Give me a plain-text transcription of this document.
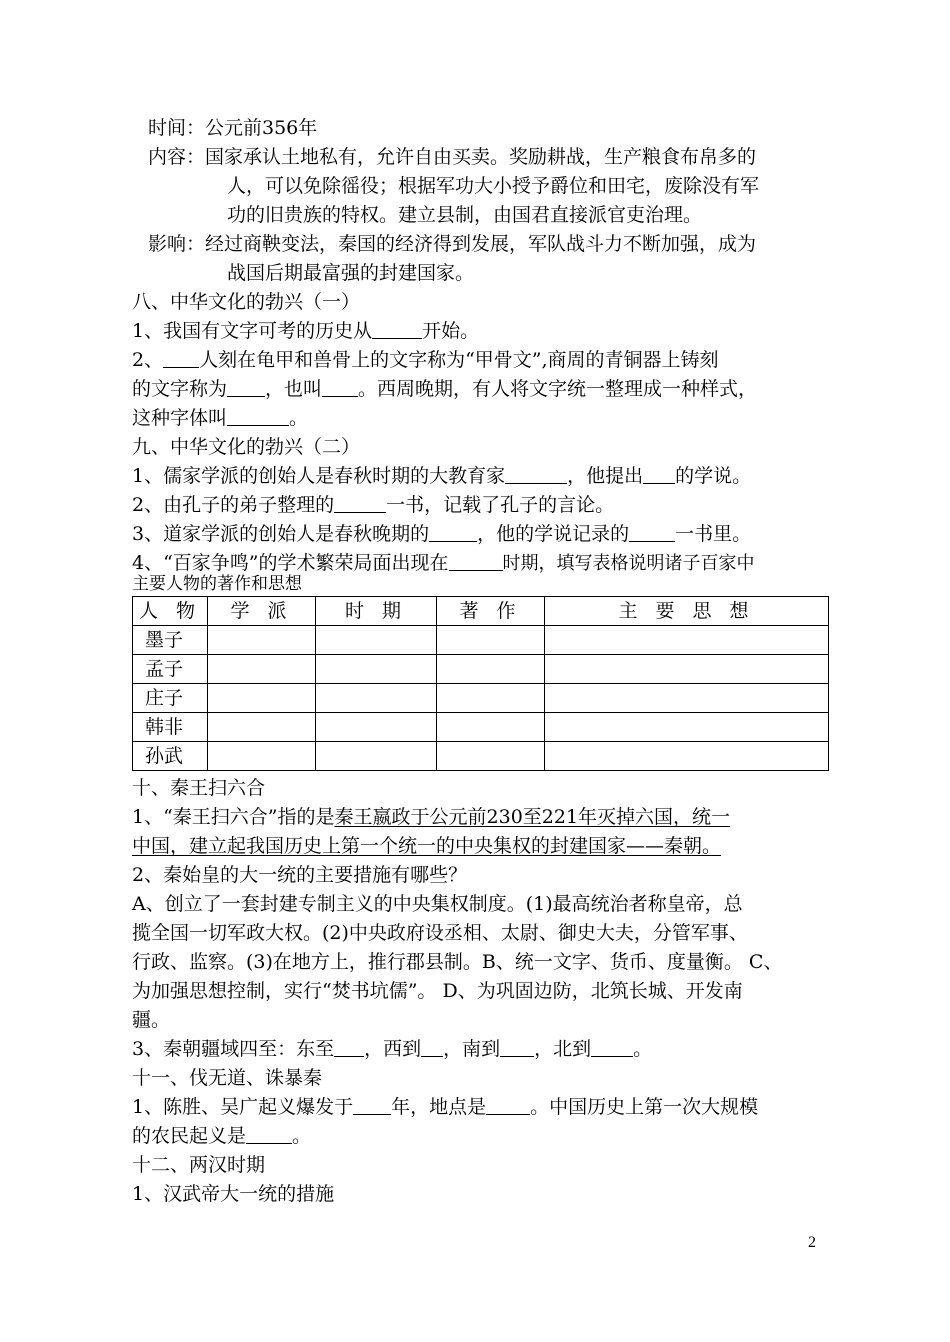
时间：公元前356年
内容：国家承认土地私有，允许自由买卖。奖励耕战，生产粮食布帛多的
人，可以免除徭役；根据军功大小授予爵位和田宅，废除没有军
功的旧贵族的特权。建立县制，由国君直接派官吏治理。
影响：经过商鞅变法，秦国的经济得到发展，军队战斗力不断加强，成为
战国后期最富强的封建国家。
八、中华文化的勃兴（一）
1、我国有文字可考的历史从	开始。
2、 人刻在龟甲和兽骨上的文字称为“甲骨文”,商周的青铜器上铸刻
的文字称为 ，也叫 。西周晚期，有人将文字统一整理成一种样式，
这种字体叫	。
九、中华文化的勃兴（二）
1、儒家学派的创始人是春秋时期的大教育家	，他提出 的学说。
2、由孔子的弟子整理的	一书，记载了孔子的言论。
3、道家学派的创始人是春秋晚期的	，他的学说记录的 一书里。
4、“百家争鸣”的学术繁荣局面出现在	时期，填写表格说明诸子百家中
主要人物的著作和思想
人 物	学 派	时 期	著 作	主 要 思 想
墨子				
孟子				
庄子				
韩非				
孙武				
十、秦王扫六合
1、“秦王扫六合”指的是秦王嬴政于公元前230至221年灭掉六国，统一
中国，建立起我国历史上第一个统一的中央集权的封建国家——秦朝。
2、秦始皇的大一统的主要措施有哪些？
A、创立了一套封建专制主义的中央集权制度。(1)最高统治者称皇帝，总
揽全国一切军政大权。(2)中央政府设丞相、太尉、御史大夫，分管军事、
行政、监察。(3)在地方上，推行郡县制。B、统一文字、货币、度量衡。 C、
为加强思想控制，实行“焚书坑儒”。 D、为巩固边防，北筑长城、开发南
疆。
3、秦朝疆域四至：东至 ，西到 ，南到 ，北到 。
十一、伐无道、诛暴秦
1、陈胜、吴广起义爆发于 年，地点是 。中国历史上第一次大规模
的农民起义是 。
十二、两汉时期
1、汉武帝大一统的措施
2
